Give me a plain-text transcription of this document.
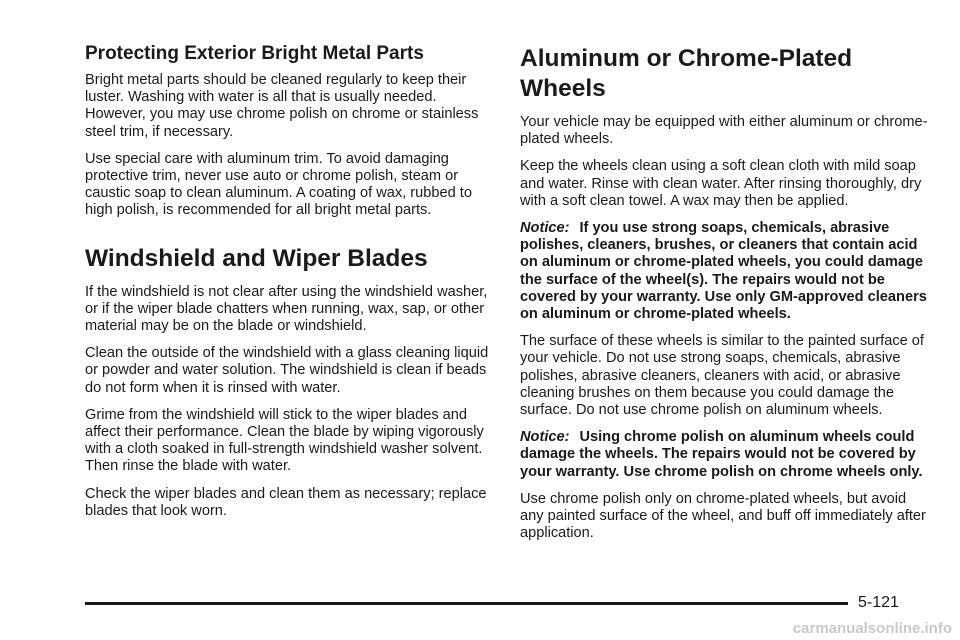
Protecting Exterior Bright Metal Parts

Bright metal parts should be cleaned regularly to keep their luster. Washing with water is all that is usually needed. However, you may use chrome polish on chrome or stainless steel trim, if necessary.

Use special care with aluminum trim. To avoid damaging protective trim, never use auto or chrome polish, steam or caustic soap to clean aluminum. A coating of wax, rubbed to high polish, is recommended for all bright metal parts.

Windshield and Wiper Blades

If the windshield is not clear after using the windshield washer, or if the wiper blade chatters when running, wax, sap, or other material may be on the blade or windshield.

Clean the outside of the windshield with a glass cleaning liquid or powder and water solution. The windshield is clean if beads do not form when it is rinsed with water.

Grime from the windshield will stick to the wiper blades and affect their performance. Clean the blade by wiping vigorously with a cloth soaked in full-strength windshield washer solvent. Then rinse the blade with water.

Check the wiper blades and clean them as necessary; replace blades that look worn.

Aluminum or Chrome-Plated Wheels

Your vehicle may be equipped with either aluminum or chrome-plated wheels.

Keep the wheels clean using a soft clean cloth with mild soap and water. Rinse with clean water. After rinsing thoroughly, dry with a soft clean towel. A wax may then be applied.

Notice: If you use strong soaps, chemicals, abrasive polishes, cleaners, brushes, or cleaners that contain acid on aluminum or chrome-plated wheels, you could damage the surface of the wheel(s). The repairs would not be covered by your warranty. Use only GM-approved cleaners on aluminum or chrome-plated wheels.

The surface of these wheels is similar to the painted surface of your vehicle. Do not use strong soaps, chemicals, abrasive polishes, abrasive cleaners, cleaners with acid, or abrasive cleaning brushes on them because you could damage the surface. Do not use chrome polish on aluminum wheels.

Notice: Using chrome polish on aluminum wheels could damage the wheels. The repairs would not be covered by your warranty. Use chrome polish on chrome wheels only.

Use chrome polish only on chrome-plated wheels, but avoid any painted surface of the wheel, and buff off immediately after application.

5-121
carmanualsonline.info
